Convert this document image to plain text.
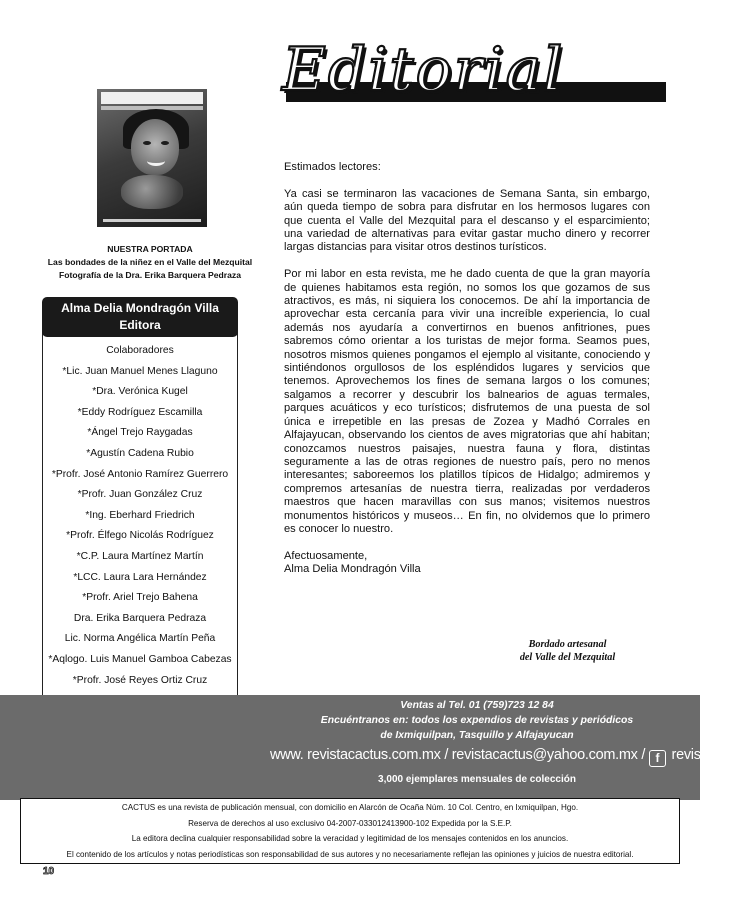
NUESTRA PORTADA
Las bondades de la niñez en el Valle del Mezquital
Fotografía de la Dra. Erika Barquera Pedraza
Alma Delia Mondragón Villa
Editora
Colaboradores
*Lic. Juan Manuel Menes Llaguno
*Dra. Verónica Kugel
*Eddy Rodríguez Escamilla
*Ángel Trejo Raygadas
*Agustín Cadena Rubio
*Profr. José Antonio Ramírez Guerrero
*Profr. Juan González Cruz
*Ing. Eberhard Friedrich
*Profr. Élfego Nicolás Rodríguez
*C.P. Laura Martínez Martín
*LCC. Laura Lara Hernández
*Profr. Ariel Trejo Bahena
Dra. Erika Barquera Pedraza
Lic. Norma Angélica Martín Peña
*Aqlogo. Luis Manuel Gamboa Cabezas
*Profr. José Reyes Ortiz Cruz
Editorial

Estimados lectores:

Ya casi se terminaron las vacaciones de Semana Santa, sin embargo, aún queda tiempo de sobra para disfrutar en los hermosos lugares con que cuenta el Valle del Mezquital para el descanso y el esparcimiento; una variedad de alternativas para evitar gastar mucho dinero y recorrer largas distancias para visitar otros destinos turísticos.

Por mi labor en esta revista, me he dado cuenta de que la gran mayoría de quienes habitamos esta región, no somos los que gozamos de sus atractivos, es más, ni siquiera los conocemos. De ahí la importancia de aprovechar esta cercanía para vivir una increíble experiencia, lo cual además nos ayudaría a convertirnos en buenos anfitriones, pues sabremos cómo orientar a los turistas de mejor forma. Seamos pues, nosotros mismos quienes pongamos el ejemplo al visitante, conociendo y sintiéndonos orgullosos de los espléndidos lugares y servicios que tenemos. Aprovechemos los fines de semana largos o los comunes; salgamos a recorrer y descubrir los balnearios de aguas termales, parques acuáticos y eco turísticos; disfrutemos de una puesta de sol única e irrepetible en las presas de Zozea y Madhó Corrales en Alfajayucan, observando los cientos de aves migratorias que ahí habitan; conozcamos nuestros paisajes, nuestra fauna y flora, distintas seguramente a las de otras regiones de nuestro país, pero no menos interesantes; saboreemos los platillos típicos de Hidalgo; admiremos y compremos artesanías de nuestra tierra, realizadas por verdaderos maestros que hacen maravillas con sus manos; visitemos nuestros monumentos históricos y museos… En fin, no olvidemos que lo primero es conocer lo nuestro.

Afectuosamente,

Alma Delia Mondragón Villa

Bordado artesanal
del Valle del Mezquital
Ventas al Tel. 01 (759)723 12 84
Encuéntranos en: todos los expendios de revistas y periódicos
de Ixmiquilpan, Tasquillo y Alfajayucan
www. revistacactus.com.mx / revistacactus@yahoo.com.mx / f revista cactus
3,000 ejemplares mensuales de colección

CACTUS es una revista de publicación mensual, con domicilio en Alarcón de Ocaña Núm. 10 Col. Centro, en Ixmiquilpan, Hgo.

Reserva de derechos al uso exclusivo 04-2007-033012413900-102 Expedida por la S.E.P.

La editora declina cualquier responsabilidad sobre la veracidad y legitimidad de los mensajes contenidos en los anuncios.

El contenido de los artículos y notas periodísticas son responsabilidad de sus autores y no necesariamente reflejan las opiniones y juicios de nuestra editorial.

10
